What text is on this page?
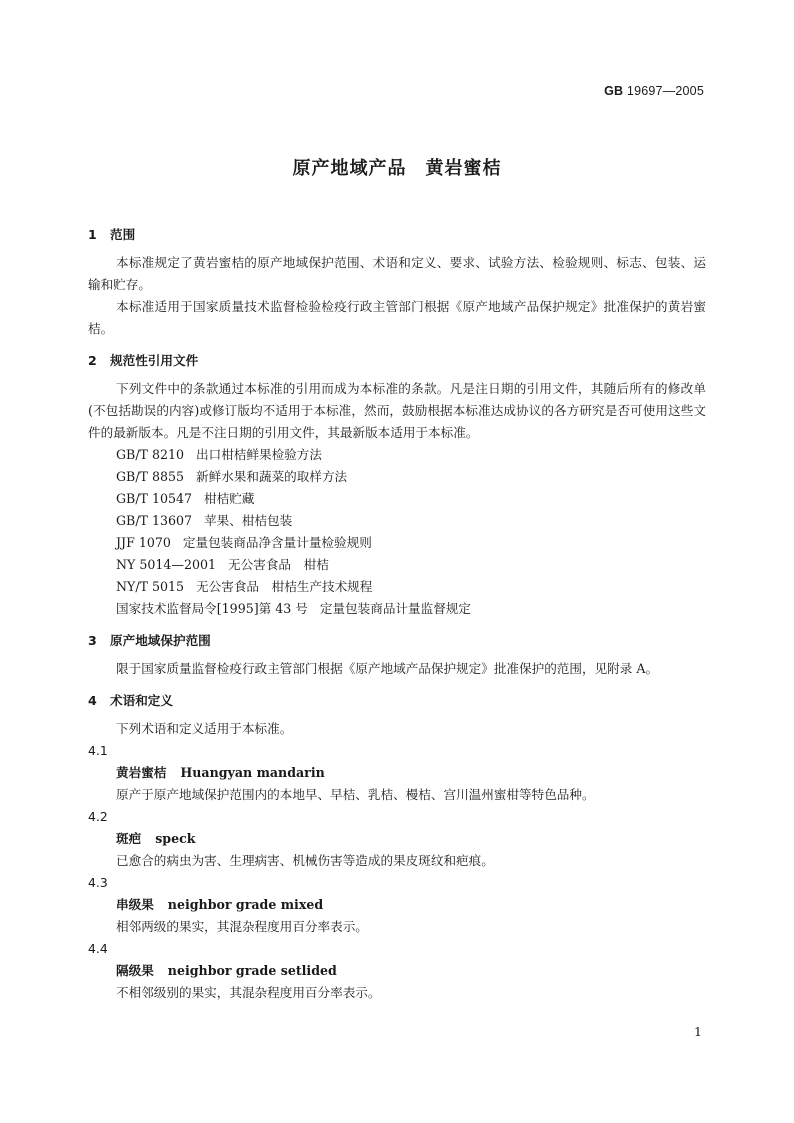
GB 19697—2005
原产地域产品　黄岩蜜桔

1 范围

本标准规定了黄岩蜜桔的原产地域保护范围、术语和定义、要求、试验方法、检验规则、标志、包装、运输和贮存。

本标准适用于国家质量技术监督检验检疫行政主管部门根据《原产地域产品保护规定》批准保护的黄岩蜜桔。

2 规范性引用文件

下列文件中的条款通过本标准的引用而成为本标准的条款。凡是注日期的引用文件，其随后所有的修改单(不包括勘误的内容)或修订版均不适用于本标准，然而，鼓励根据本标准达成协议的各方研究是否可使用这些文件的最新版本。凡是不注日期的引用文件，其最新版本适用于本标准。

GB/T 8210 出口柑桔鲜果检验方法

GB/T 8855 新鲜水果和蔬菜的取样方法

GB/T 10547 柑桔贮藏

GB/T 13607 苹果、柑桔包装

JJF 1070 定量包装商品净含量计量检验规则

NY 5014—2001 无公害食品　柑桔

NY/T 5015 无公害食品　柑桔生产技术规程

国家技术监督局令[1995]第 43 号 定量包装商品计量监督规定

3 原产地域保护范围

限于国家质量监督检疫行政主管部门根据《原产地域产品保护规定》批准保护的范围，见附录 A。

4 术语和定义

下列术语和定义适用于本标准。

4.1

黄岩蜜桔 Huangyan mandarin

原产于原产地域保护范围内的本地早、早桔、乳桔、槾桔、宫川温州蜜柑等特色品种。

4.2

斑疤 speck

已愈合的病虫为害、生理病害、机械伤害等造成的果皮斑纹和疤痕。

4.3

串级果 neighbor grade mixed

相邻两级的果实，其混杂程度用百分率表示。

4.4

隔级果 neighbor grade setlided

不相邻级别的果实，其混杂程度用百分率表示。

1
